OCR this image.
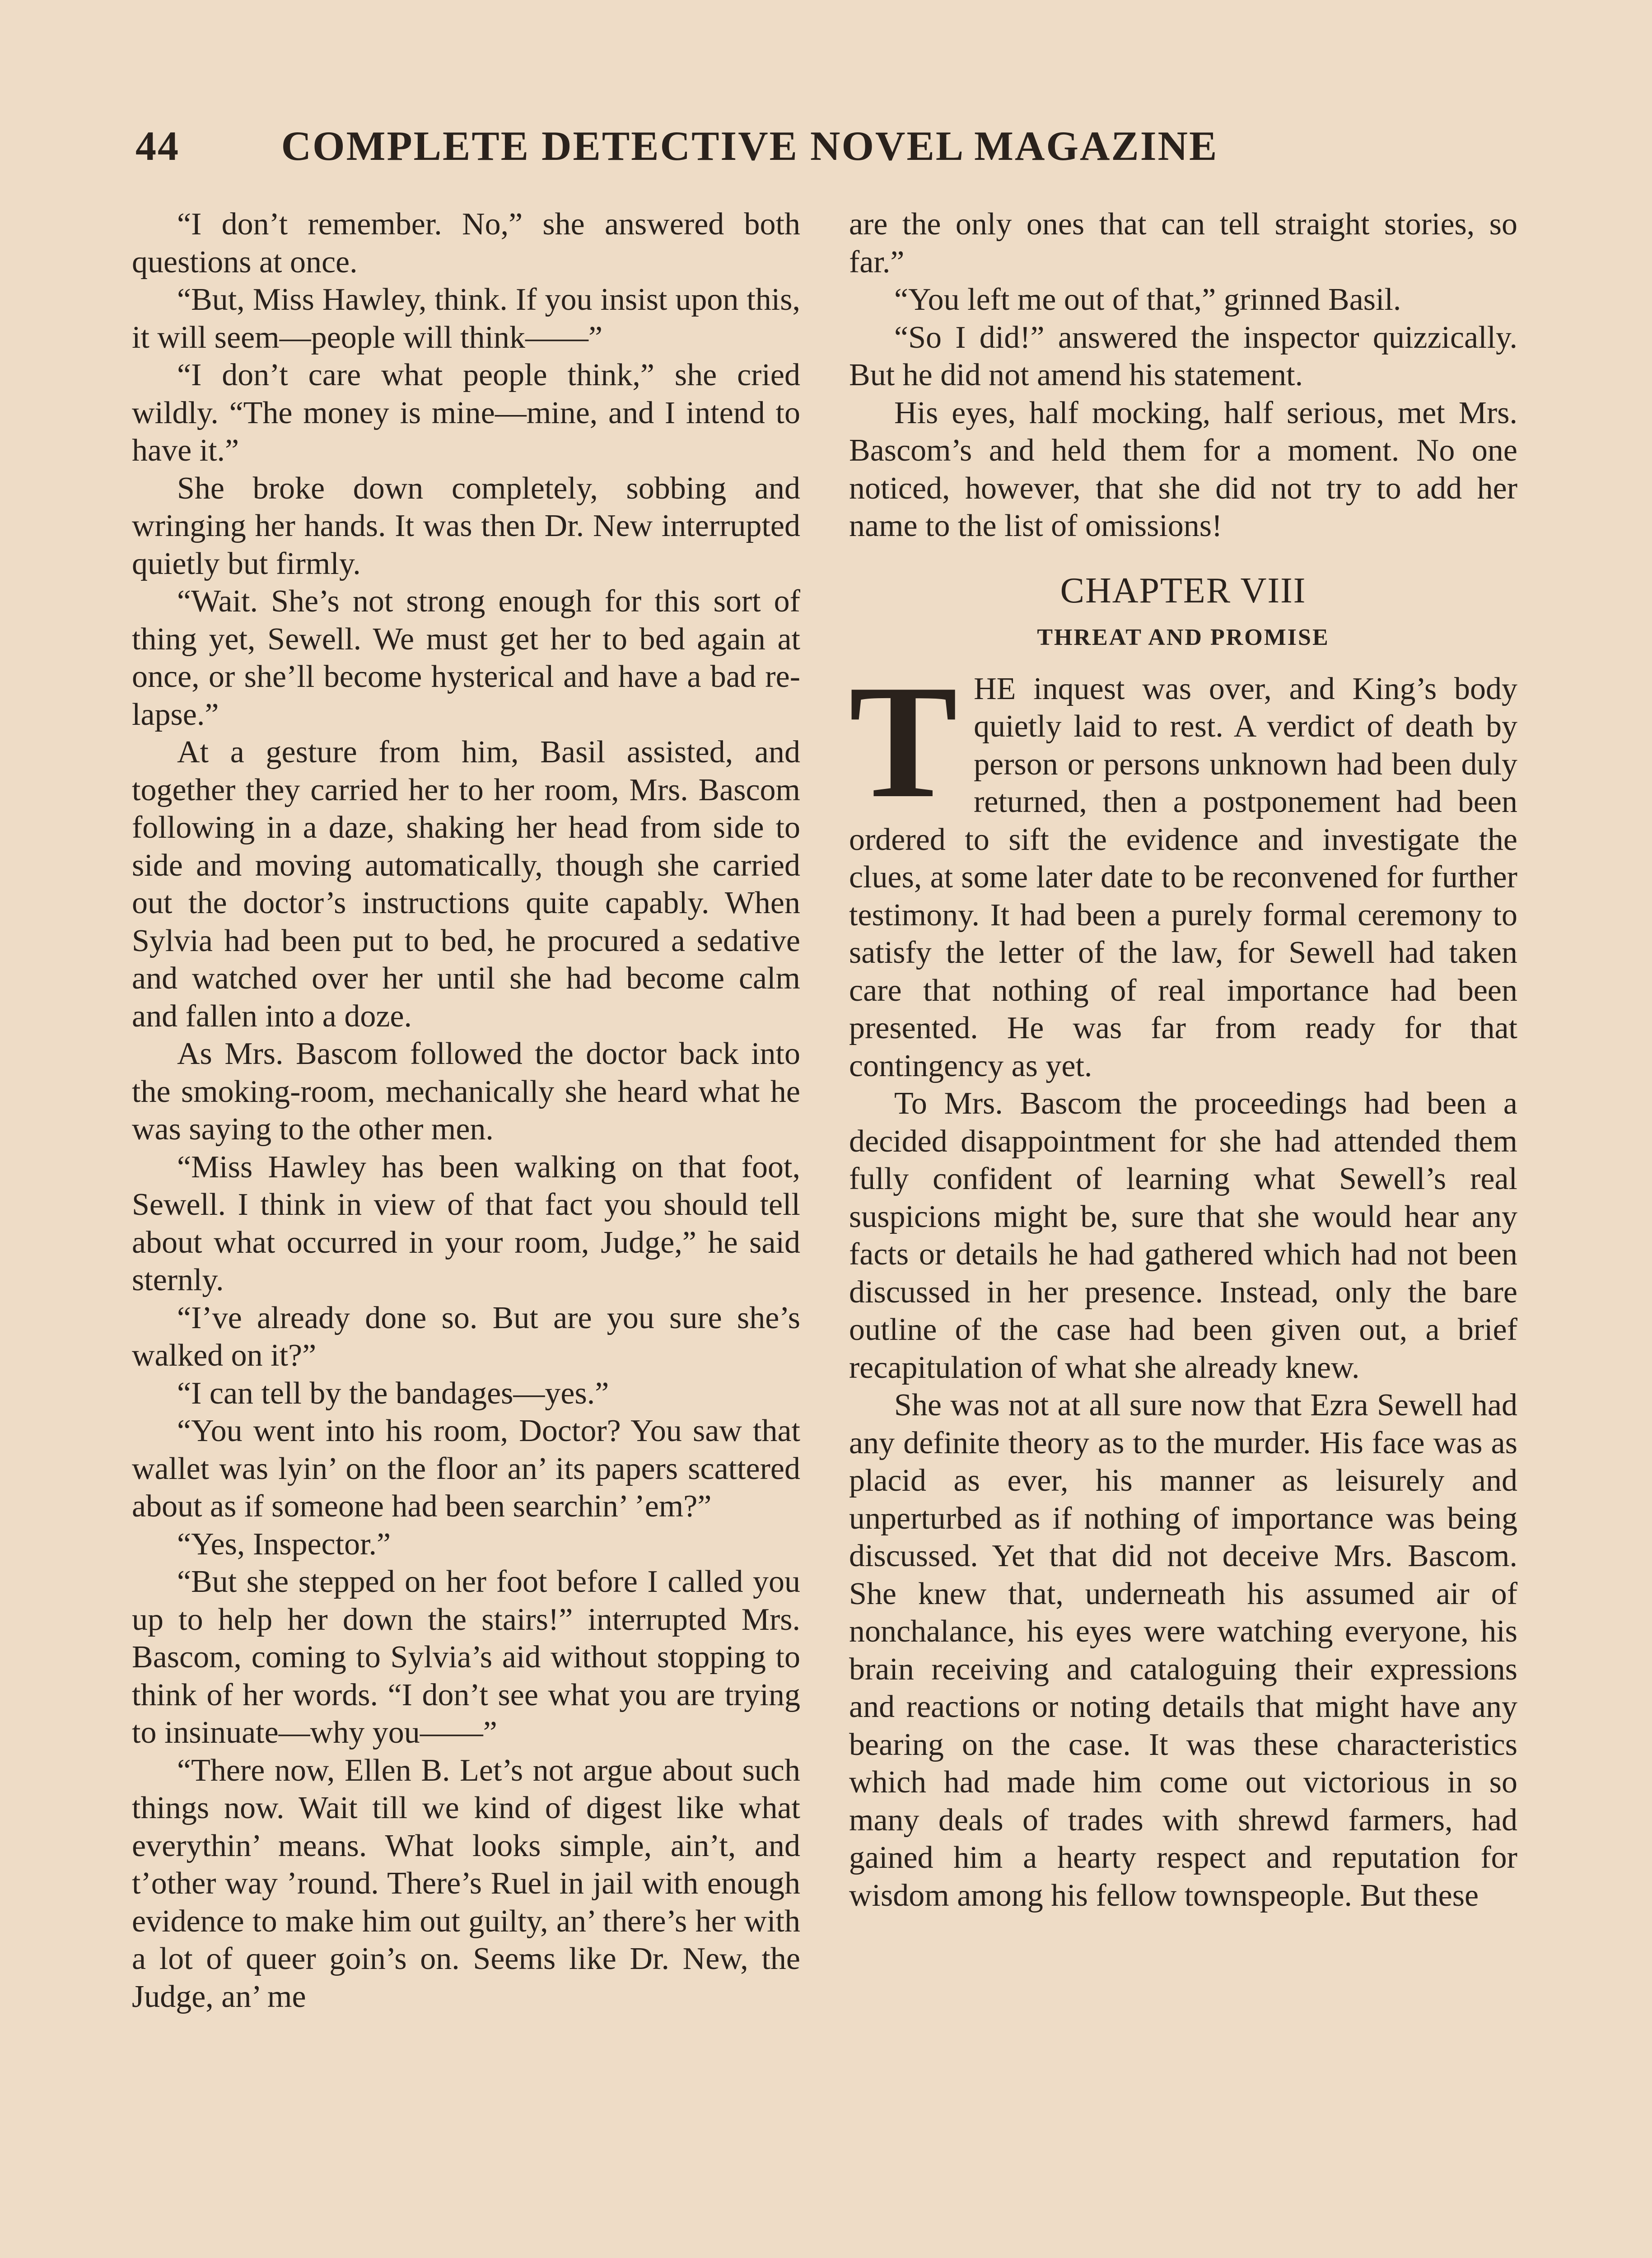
44	COMPLETE DETECTIVE NOVEL MAGAZINE

“I don’t remember. No,” she answered both questions at once.

“But, Miss Hawley, think. If you insist upon this, it will seem—people will think——”

“I don’t care what people think,” she cried wildly. “The money is mine—mine, and I intend to have it.”

She broke down completely, sobbing and wringing her hands. It was then Dr. New interrupted quietly but firmly.

“Wait. She’s not strong enough for this sort of thing yet, Sewell. We must get her to bed again at once, or she’ll become hysterical and have a bad relapse.”

At a gesture from him, Basil assisted, and together they carried her to her room, Mrs. Bascom following in a daze, shaking her head from side to side and moving automatically, though she carried out the doctor’s instructions quite capably. When Sylvia had been put to bed, he procured a sedative and watched over her until she had become calm and fallen into a doze.

As Mrs. Bascom followed the doctor back into the smoking-room, mechanically she heard what he was saying to the other men.

“Miss Hawley has been walking on that foot, Sewell. I think in view of that fact you should tell about what occurred in your room, Judge,” he said sternly.

“I’ve already done so. But are you sure she’s walked on it?”

“I can tell by the bandages—yes.”

“You went into his room, Doctor? You saw that wallet was lyin’ on the floor an’ its papers scattered about as if someone had been searchin’ ’em?”

“Yes, Inspector.”

“But she stepped on her foot before I called you up to help her down the stairs!” interrupted Mrs. Bascom, coming to Sylvia’s aid without stopping to think of her words. “I don’t see what you are trying to insinuate—why you——”

“There now, Ellen B. Let’s not argue about such things now. Wait till we kind of digest like what everythin’ means. What looks simple, ain’t, and t’other way ’round. There’s Ruel in jail with enough evidence to make him out guilty, an’ there’s her with a lot of queer goin’s on. Seems like Dr. New, the Judge, an’ me

are the only ones that can tell straight stories, so far.”

“You left me out of that,” grinned Basil.

“So I did!” answered the inspector quizzically. But he did not amend his statement.

His eyes, half mocking, half serious, met Mrs. Bascom’s and held them for a moment. No one noticed, however, that she did not try to add her name to the list of omissions!

CHAPTER VIII
THREAT AND PROMISE

THE inquest was over, and King’s body quietly laid to rest. A verdict of death by person or persons unknown had been duly returned, then a postponement had been ordered to sift the evidence and investigate the clues, at some later date to be reconvened for further testimony. It had been a purely formal ceremony to satisfy the letter of the law, for Sewell had taken care that nothing of real importance had been presented. He was far from ready for that contingency as yet.

To Mrs. Bascom the proceedings had been a decided disappointment for she had attended them fully confident of learning what Sewell’s real suspicions might be, sure that she would hear any facts or details he had gathered which had not been discussed in her presence. Instead, only the bare outline of the case had been given out, a brief recapitulation of what she already knew.

She was not at all sure now that Ezra Sewell had any definite theory as to the murder. His face was as placid as ever, his manner as leisurely and unperturbed as if nothing of importance was being discussed. Yet that did not deceive Mrs. Bascom. She knew that, underneath his assumed air of nonchalance, his eyes were watching everyone, his brain receiving and cataloguing their expressions and reactions or noting details that might have any bearing on the case. It was these characteristics which had made him come out victorious in so many deals of trades with shrewd farmers, had gained him a hearty respect and reputation for wisdom among his fellow townspeople. But these
